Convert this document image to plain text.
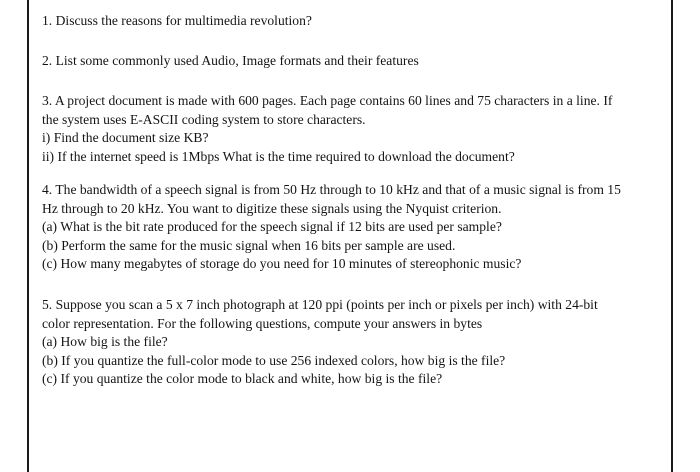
1. Discuss the reasons for multimedia revolution?
2. List some commonly used Audio, Image formats and their features
3. A project document is made with 600 pages. Each page contains 60 lines and 75 characters in a line. If
the system uses E-ASCII coding system to store characters.
i) Find the document size KB?
ii) If the internet speed is 1Mbps What is the time required to download the document?
4. The bandwidth of a speech signal is from 50 Hz through to 10 kHz and that of a music signal is from 15
Hz through to 20 kHz. You want to digitize these signals using the Nyquist criterion.
(a) What is the bit rate produced for the speech signal if 12 bits are used per sample?
(b) Perform the same for the music signal when 16 bits per sample are used.
(c) How many megabytes of storage do you need for 10 minutes of stereophonic music?
5. Suppose you scan a 5 x 7 inch photograph at 120 ppi (points per inch or pixels per inch) with 24-bit
color representation. For the following questions, compute your answers in bytes
(a) How big is the file?
(b) If you quantize the full-color mode to use 256 indexed colors, how big is the file?
(c) If you quantize the color mode to black and white, how big is the file?
